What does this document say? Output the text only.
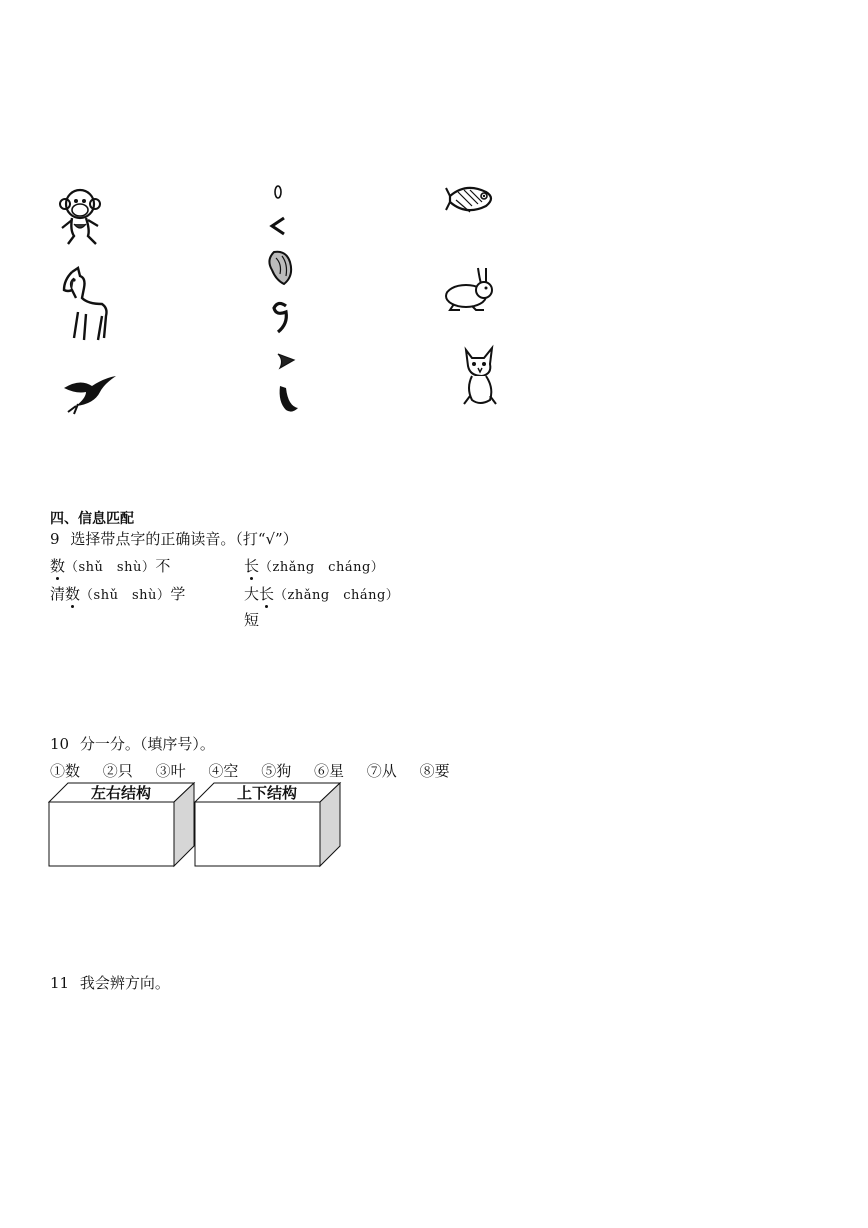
四、信息匹配
9 选择带点字的正确读音。（打“√”）
数（shǔ　shù）不	长（zhǎng　cháng）
清数（shǔ　shù）学	大长（zhǎng　cháng）
短
10 分一分。（填序号）。
①数 ②只 ③叶 ④空 ⑤狗 ⑥星 ⑦从 ⑧要
左右结构	上下结构
11 我会辨方向。
